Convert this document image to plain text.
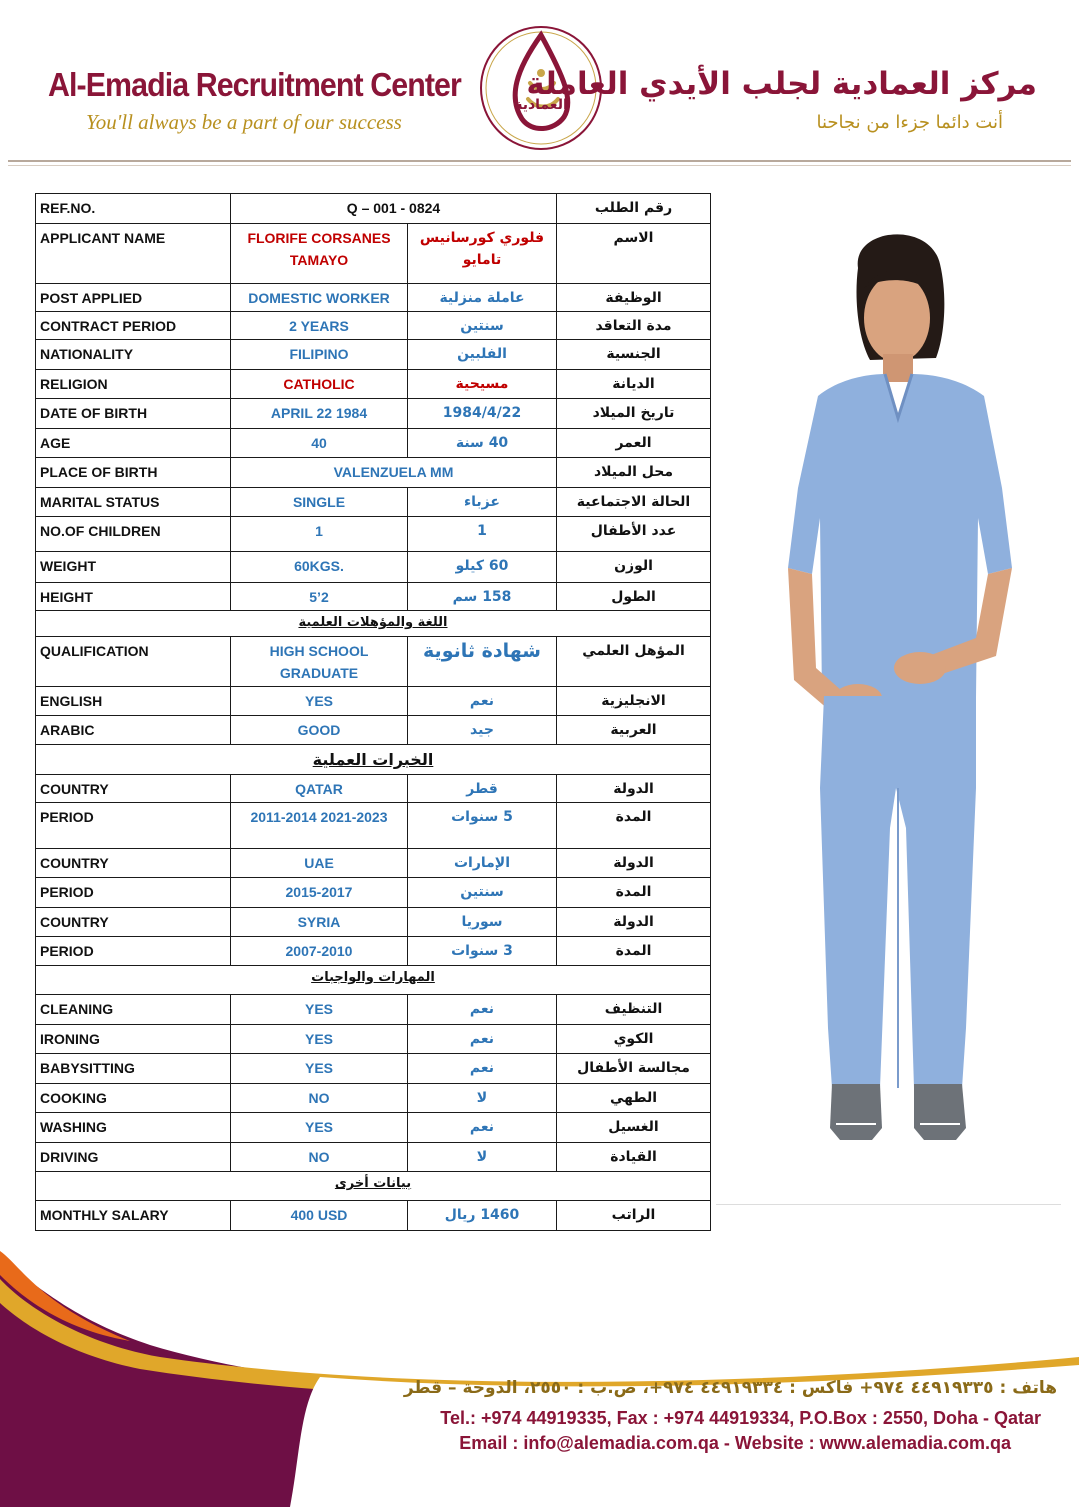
Al-Emadia Recruitment Center
You'll always be a part of our success
العمادية
مركز العمادية لجلب الأيدي العاملة
أنت دائما جزءا من نجاحنا
REF.NO.	Q – 001 - 0824		رقم الطلب
APPLICANT NAME	FLORIFE CORSANES TAMAYO	فلوري كورسانيس تامايو	الاسم
POST APPLIED	DOMESTIC WORKER	عاملة منزلية	الوظيفة
CONTRACT PERIOD	2 YEARS	سنتين	مدة التعاقد
NATIONALITY	FILIPINO	الفلبين	الجنسية
RELIGION	CATHOLIC	مسيحية	الديانة
DATE OF BIRTH	APRIL 22 1984	1984/4/22	تاريخ الميلاد
AGE	40	40 سنة	العمر
PLACE OF BIRTH	VALENZUELA MM		محل الميلاد
MARITAL STATUS	SINGLE	عزباء	الحالة الاجتماعية
NO.OF CHILDREN	1	1	عدد الأطفال
WEIGHT	60KGS.	60 كيلو	الوزن
HEIGHT	5’2	158 سم	الطول
اللغة والمؤهلات العلمية			
QUALIFICATION	HIGH SCHOOL GRADUATE	شهادة ثانوية	المؤهل العلمي
ENGLISH	YES	نعم	الانجليزية
ARABIC	GOOD	جيد	العربية
الخبرات العملية			
COUNTRY	QATAR	قطر	الدولة
PERIOD	2011-2014 2021-2023	5 سنوات	المدة
COUNTRY	UAE	الإمارات	الدولة
PERIOD	2015-2017	سنتين	المدة
COUNTRY	SYRIA	سوريا	الدولة
PERIOD	2007-2010	3 سنوات	المدة
المهارات والواجبات			
CLEANING	YES	نعم	التنظيف
IRONING	YES	نعم	الكوي
BABYSITTING	YES	نعم	مجالسة الأطفال
COOKING	NO	لا	الطهي
WASHING	YES	نعم	الغسيل
DRIVING	NO	لا	القيادة
بيانات أخرى			
MONTHLY SALARY	400 USD	1460 ريال	الراتب
هاتف : ٤٤٩١٩٣٣٥ ٩٧٤+ فاكس : ٤٤٩١٩٣٣٤ ٩٧٤+، ص.ب : ٢٥٥٠، الدوحة – قطر
Tel.: +974 44919335, Fax : +974 44919334, P.O.Box : 2550, Doha - Qatar
Email : info@alemadia.com.qa - Website : www.alemadia.com.qa
